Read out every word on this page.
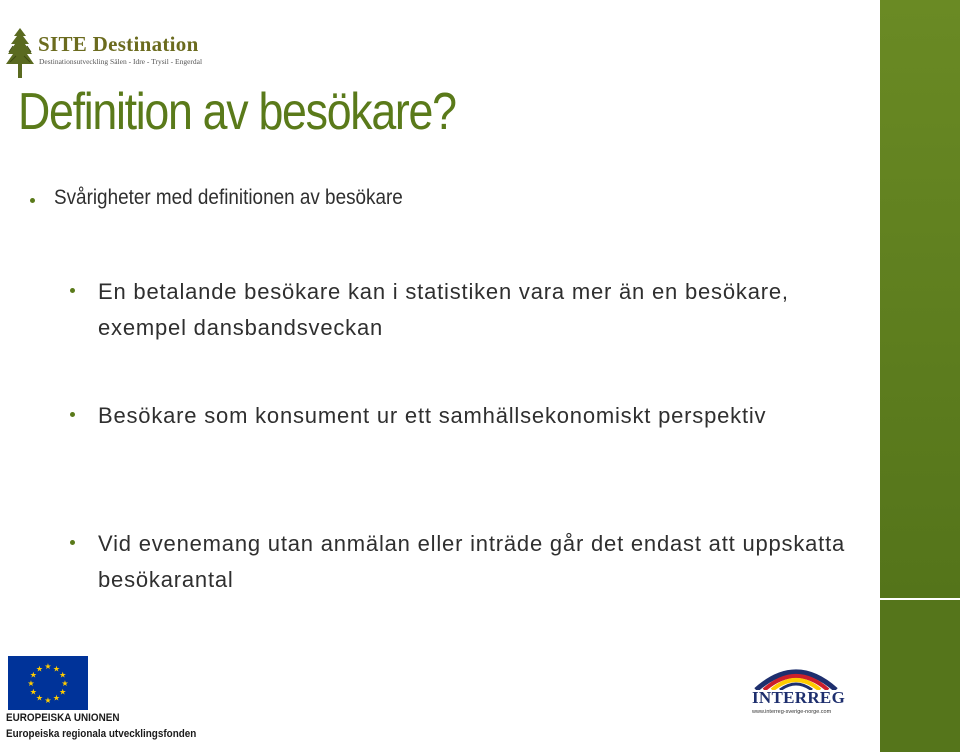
SITE Destination
Destinationsutveckling Sälen - Idre - Trysil - Engerdal
Definition av besökare?
Svårigheter med definitionen av besökare
En betalande besökare kan i statistiken vara mer än en besökare, exempel dansbandsveckan
Besökare som konsument ur ett samhällsekonomiskt perspektiv
Vid evenemang utan anmälan eller inträde går det endast att uppskatta besökarantal
★ ★
★
★
★
★
★
★
★
★
★
★
EUROPEISKA UNIONEN
Europeiska regionala utvecklingsfonden
INTERREG
www.interreg-sverige-norge.com
